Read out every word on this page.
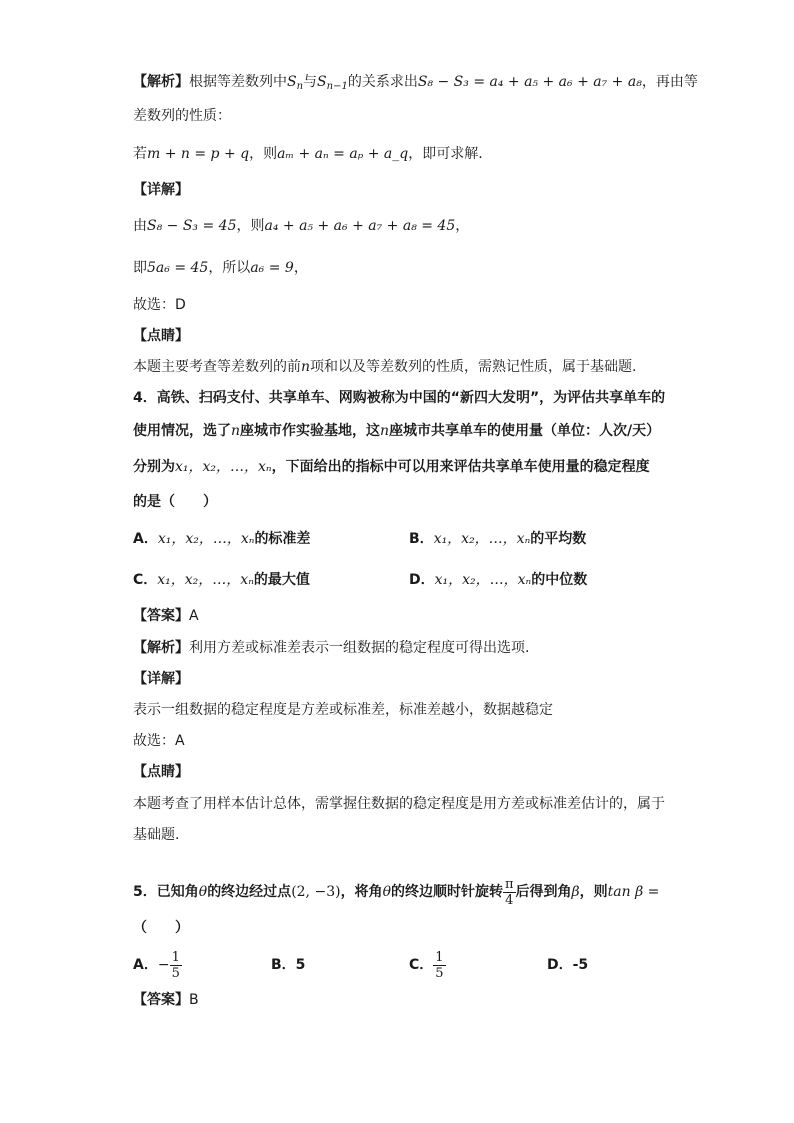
【解析】根据等差数列中$S_n$与$S_{n-1}$的关系求出S₈ − S₃ = a₄ + a₅ + a₆ + a₇ + a₈，再由等
差数列的性质：
若m + n = p + q，则aₘ + aₙ = aₚ + a_q，即可求解.
【详解】
由S₈ − S₃ = 45，则a₄ + a₅ + a₆ + a₇ + a₈ = 45，
即5a₆ = 45，所以a₆ = 9，
故选：D
【点睛】
本题主要考查等差数列的前n项和以及等差数列的性质，需熟记性质，属于基础题.
4．高铁、扫码支付、共享单车、网购被称为中国的“新四大发明”，为评估共享单车的
使用情况，选了n座城市作实验基地，这n座城市共享单车的使用量（单位：人次/天）
分别为x₁，x₂，…，xₙ，下面给出的指标中可以用来评估共享单车使用量的稳定程度
的是（　　）
A．x₁，x₂，…，xₙ的标准差	B．x₁，x₂，…，xₙ的平均数
C．x₁，x₂，…，xₙ的最大值	D．x₁，x₂，…，xₙ的中位数
【答案】A
【解析】利用方差或标准差表示一组数据的稳定程度可得出选项.
【详解】
表示一组数据的稳定程度是方差或标准差，标准差越小，数据越稳定
故选：A
【点睛】
本题考查了用样本估计总体，需掌握住数据的稳定程度是用方差或标准差估计的，属于
基础题.
5．已知角θ的终边经过点(2, −3)，将角θ的终边顺时针旋转 $\frac{\pi}{4}$ 后得到角β，则tan β =
（　　）
A．− $\frac{1}{5}$	B．5	C． $\frac{1}{5}$	D．-5
【答案】B
